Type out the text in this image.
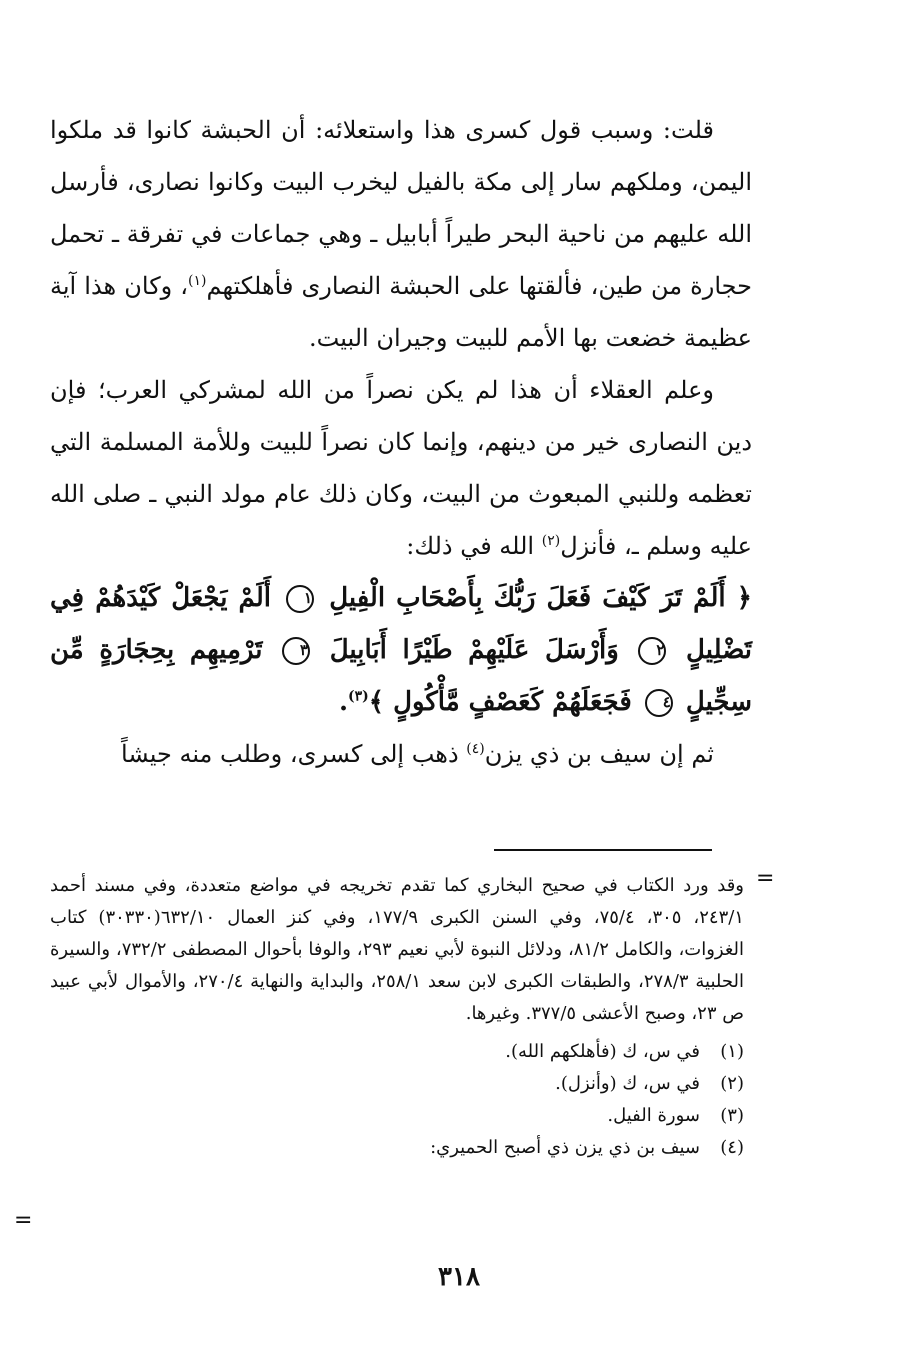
قلت: وسبب قول كسرى هذا واستعلائه: أن الحبشة كانوا قد ملكوا اليمن، وملكهم سار إلى مكة بالفيل ليخرب البيت وكانوا نصارى، فأرسل الله عليهم من ناحية البحر طيراً أبابيل ـ وهي جماعات في تفرقة ـ تحمل حجارة من طين، فألقتها على الحبشة النصارى فأهلكتهم$^{(١)}$، وكان هذا آية عظيمة خضعت بها الأمم للبيت وجيران البيت.

وعلم العقلاء أن هذا لم يكن نصراً من الله لمشركي العرب؛ فإن دين النصارى خير من دينهم، وإنما كان نصراً للبيت وللأمة المسلمة التي تعظمه وللنبي المبعوث من البيت، وكان ذلك عام مولد النبي ـ صلى الله عليه وسلم ـ، فأنزل$^{(٢)}$ الله في ذلك:

﴿ أَلَمْ تَرَ كَيْفَ فَعَلَ رَبُّكَ بِأَصْحَابِ الْفِيلِ ١ أَلَمْ يَجْعَلْ كَيْدَهُمْ فِي تَضْلِيلٍ ٢ وَأَرْسَلَ عَلَيْهِمْ طَيْرًا أَبَابِيلَ ٣ تَرْمِيهِم بِحِجَارَةٍ مِّن سِجِّيلٍ ٤ فَجَعَلَهُمْ كَعَصْفٍ مَّأْكُولٍ ﴾$^{(٣)}$.

ثم إن سيف بن ذي يزن$^{(٤)}$ ذهب إلى كسرى، وطلب منه جيشاً

=

وقد ورد الكتاب في صحيح البخاري كما تقدم تخريجه في مواضع متعددة، وفي مسند أحمد ٢٤٣/١، ٣٠٥، ٧٥/٤، وفي السنن الكبرى ١٧٧/٩، وفي كنز العمال ٦٣٢/١٠(٣٠٣٣٠) كتاب الغزوات، والكامل ٨١/٢، ودلائل النبوة لأبي نعيم ٢٩٣، والوفا بأحوال المصطفى ٧٣٢/٢، والسيرة الحلبية ٢٧٨/٣، والطبقات الكبرى لابن سعد ٢٥٨/١، والبداية والنهاية ٢٧٠/٤، والأموال لأبي عبيد ص ٢٣، وصبح الأعشى ٣٧٧/٥. وغيرها.

(١)
في س، ك (فأهلكهم الله).
(٢)
في س، ك (وأنزل).
(٣)
سورة الفيل.
(٤)
سيف بن ذي يزن ذي أصبح الحميري:
=
٣١٨
